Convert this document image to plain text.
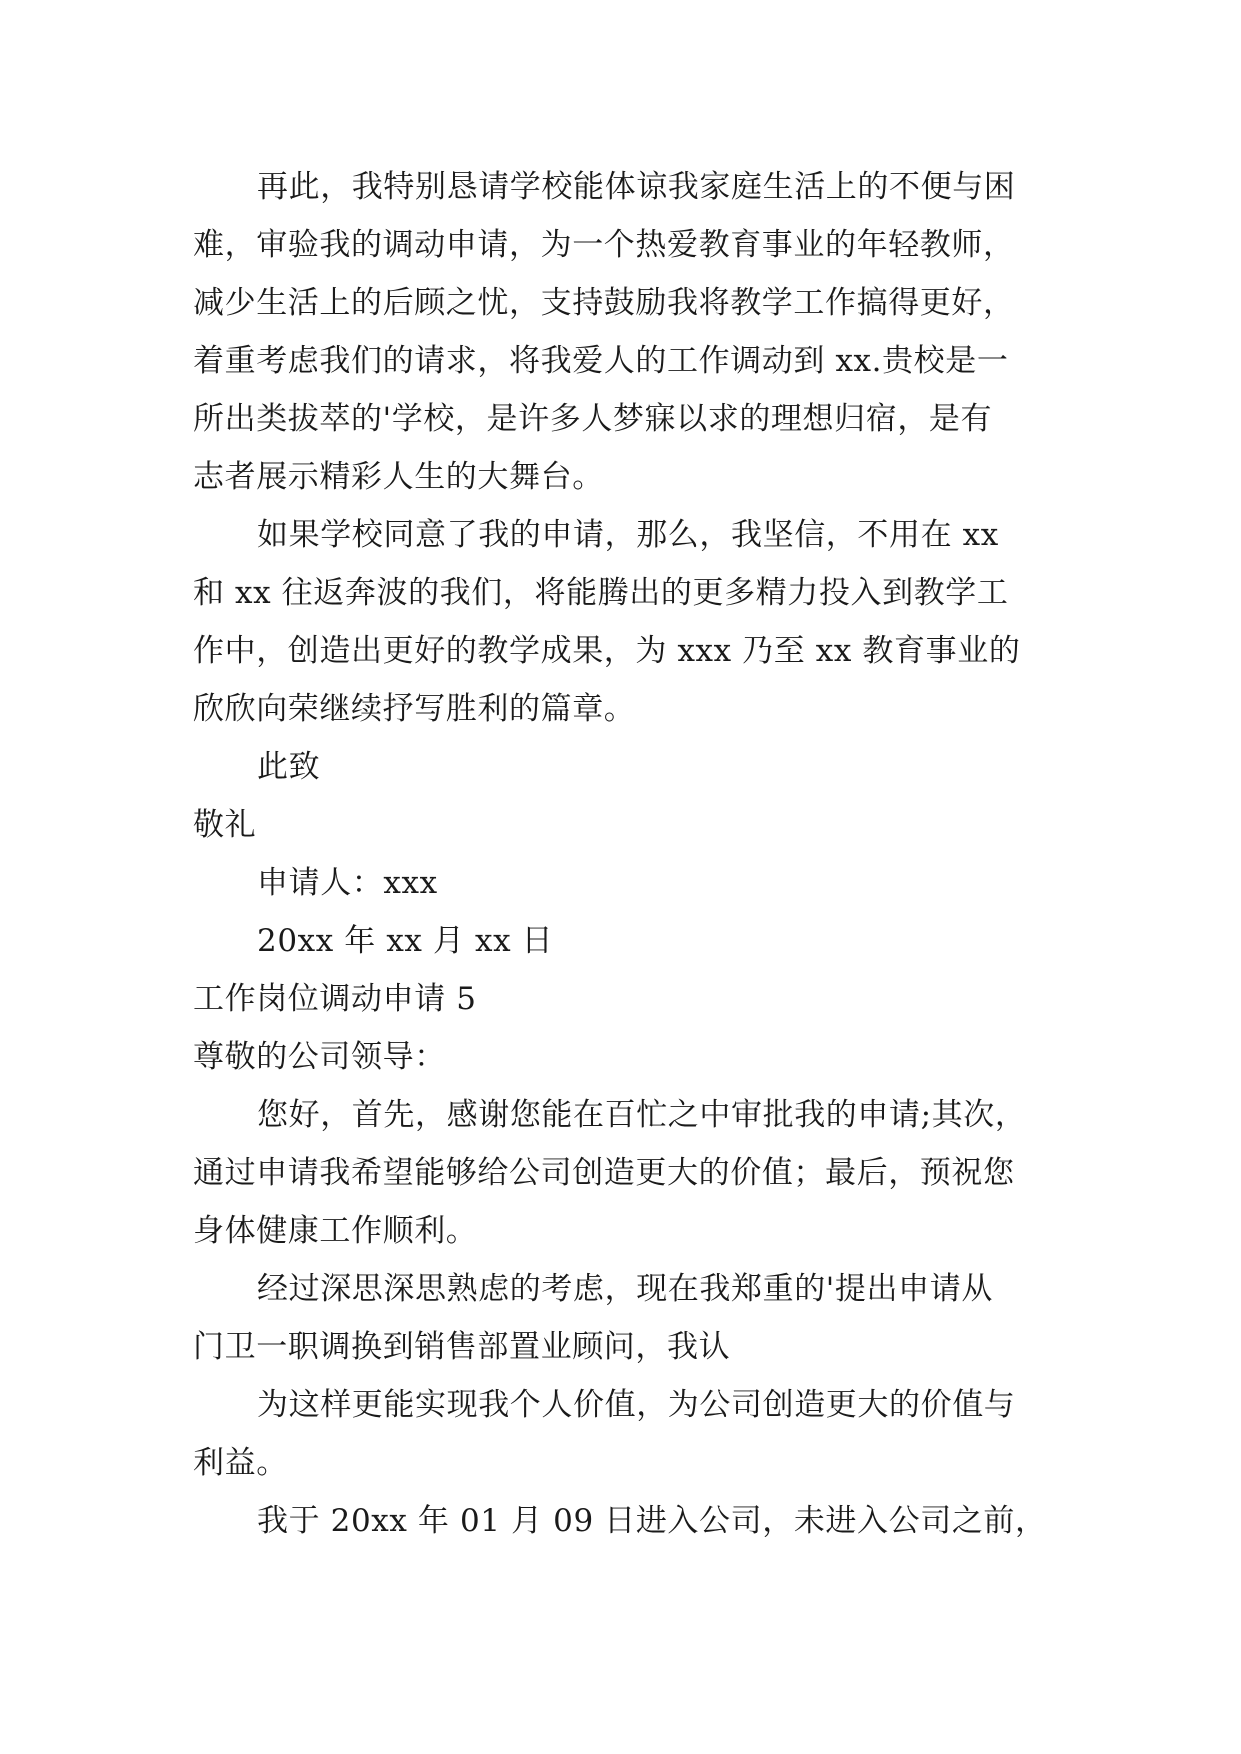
再此，我特别恳请学校能体谅我家庭生活上的不便与困

难，审验我的调动申请，为一个热爱教育事业的年轻教师，

减少生活上的后顾之忧，支持鼓励我将教学工作搞得更好，

着重考虑我们的请求，将我爱人的工作调动到 xx.贵校是一

所出类拔萃的'学校，是许多人梦寐以求的理想归宿，是有

志者展示精彩人生的大舞台。

如果学校同意了我的申请，那么，我坚信，不用在 xx

和 xx 往返奔波的我们，将能腾出的更多精力投入到教学工

作中，创造出更好的教学成果，为 xxx 乃至 xx 教育事业的

欣欣向荣继续抒写胜利的篇章。

此致

敬礼

申请人：xxx

20xx 年 xx 月 xx 日

工作岗位调动申请 5

尊敬的公司领导：

您好，首先，感谢您能在百忙之中审批我的申请;其次，

通过申请我希望能够给公司创造更大的价值；最后，预祝您

身体健康工作顺利。

经过深思深思熟虑的考虑，现在我郑重的'提出申请从

门卫一职调换到销售部置业顾问，我认

为这样更能实现我个人价值，为公司创造更大的价值与

利益。

我于 20xx 年 01 月 09 日进入公司，未进入公司之前，
